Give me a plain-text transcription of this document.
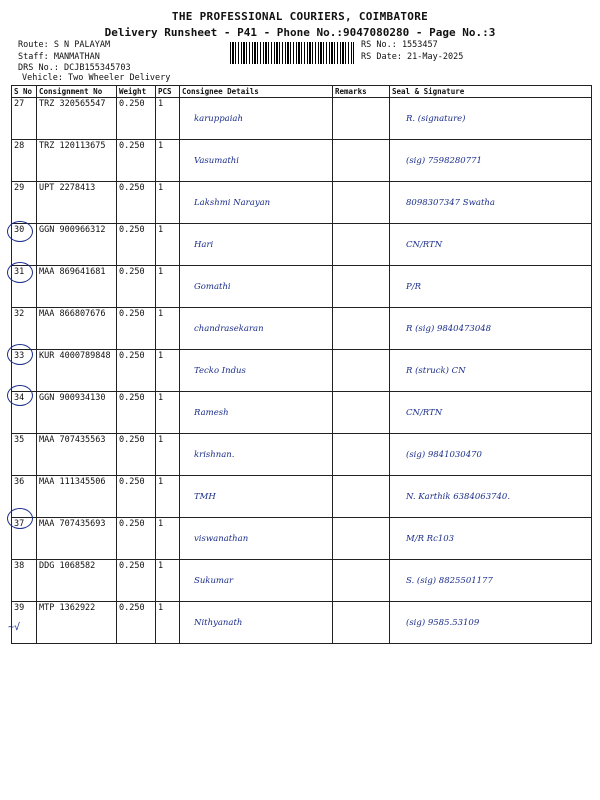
THE PROFESSIONAL COURIERS, COIMBATORE
Delivery Runsheet - P41 - Phone No.:9047080280 - Page No.:3
Route: S N PALAYAM
Staff: MANMATHAN
DRS No.: DCJB155345703
Vehicle: Two Wheeler Delivery
RS No.: 1553457
RS Date: 21-May-2025
S No	Consignment No	Weight	PCS	Consignee Details	Remarks	Seal & Signature
27	TRZ 320565547	0.250	1	karuppaiah		R. (signature)
28	TRZ 120113675	0.250	1	Vasumathi		(sig) 7598280771
29	UPT 2278413	0.250	1	Lakshmi Narayan		8098307347 Swatha
30	GGN 900966312	0.250	1	Hari		CN/RTN
31	MAA 869641681	0.250	1	Gomathi		P/R
32	MAA 866807676	0.250	1	chandrasekaran		R (sig) 9840473048
33	KUR 4000789848	0.250	1	Tecko Indus		R (struck) CN
34	GGN 900934130	0.250	1	Ramesh		CN/RTN
35	MAA 707435563	0.250	1	krishnan.		(sig) 9841030470
36	MAA 111345506	0.250	1	TMH		N. Karthik 6384063740.
37	MAA 707435693	0.250	1	viswanathan		M/R Rc103
38	DDG 1068582	0.250	1	Sukumar		S. (sig) 8825501177
39	MTP 1362922	0.250	1	Nithyanath		(sig) 9585.53109
~√
